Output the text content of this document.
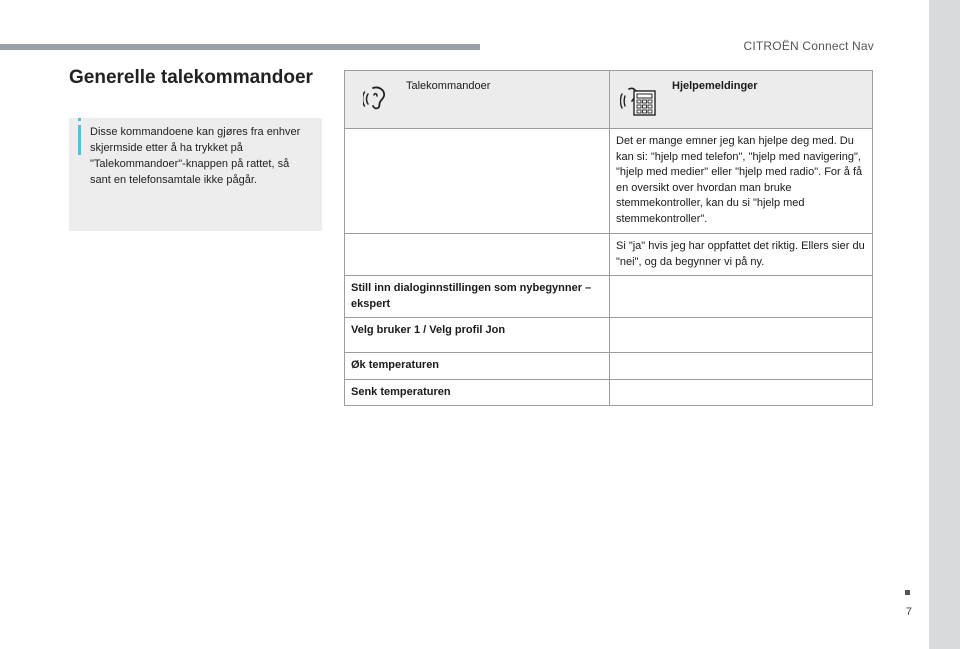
CITROËN Connect Nav
Generelle talekommandoer

Disse kommandoene kan gjøres fra enhver skjermside etter å ha trykket på "Talekommandoer"-knappen på rattet, så sant en telefonsamtale ikke pågår.

Talekommandoer	Hjelpemeldinger

	Det er mange emner jeg kan hjelpe deg med. Du kan si: "hjelp med telefon", "hjelp med navigering", "hjelp med medier" eller "hjelp med radio". For å få en oversikt over hvordan man bruke stemmekontroller, kan du si "hjelp med stemmekontroller".
	Si "ja" hvis jeg har oppfattet det riktig. Ellers sier du "nei", og da begynner vi på ny.
Still inn dialoginnstillingen som nybegynner – ekspert	
Velg bruker 1 / Velg profil Jon	
Øk temperaturen	
Senk temperaturen	
7
